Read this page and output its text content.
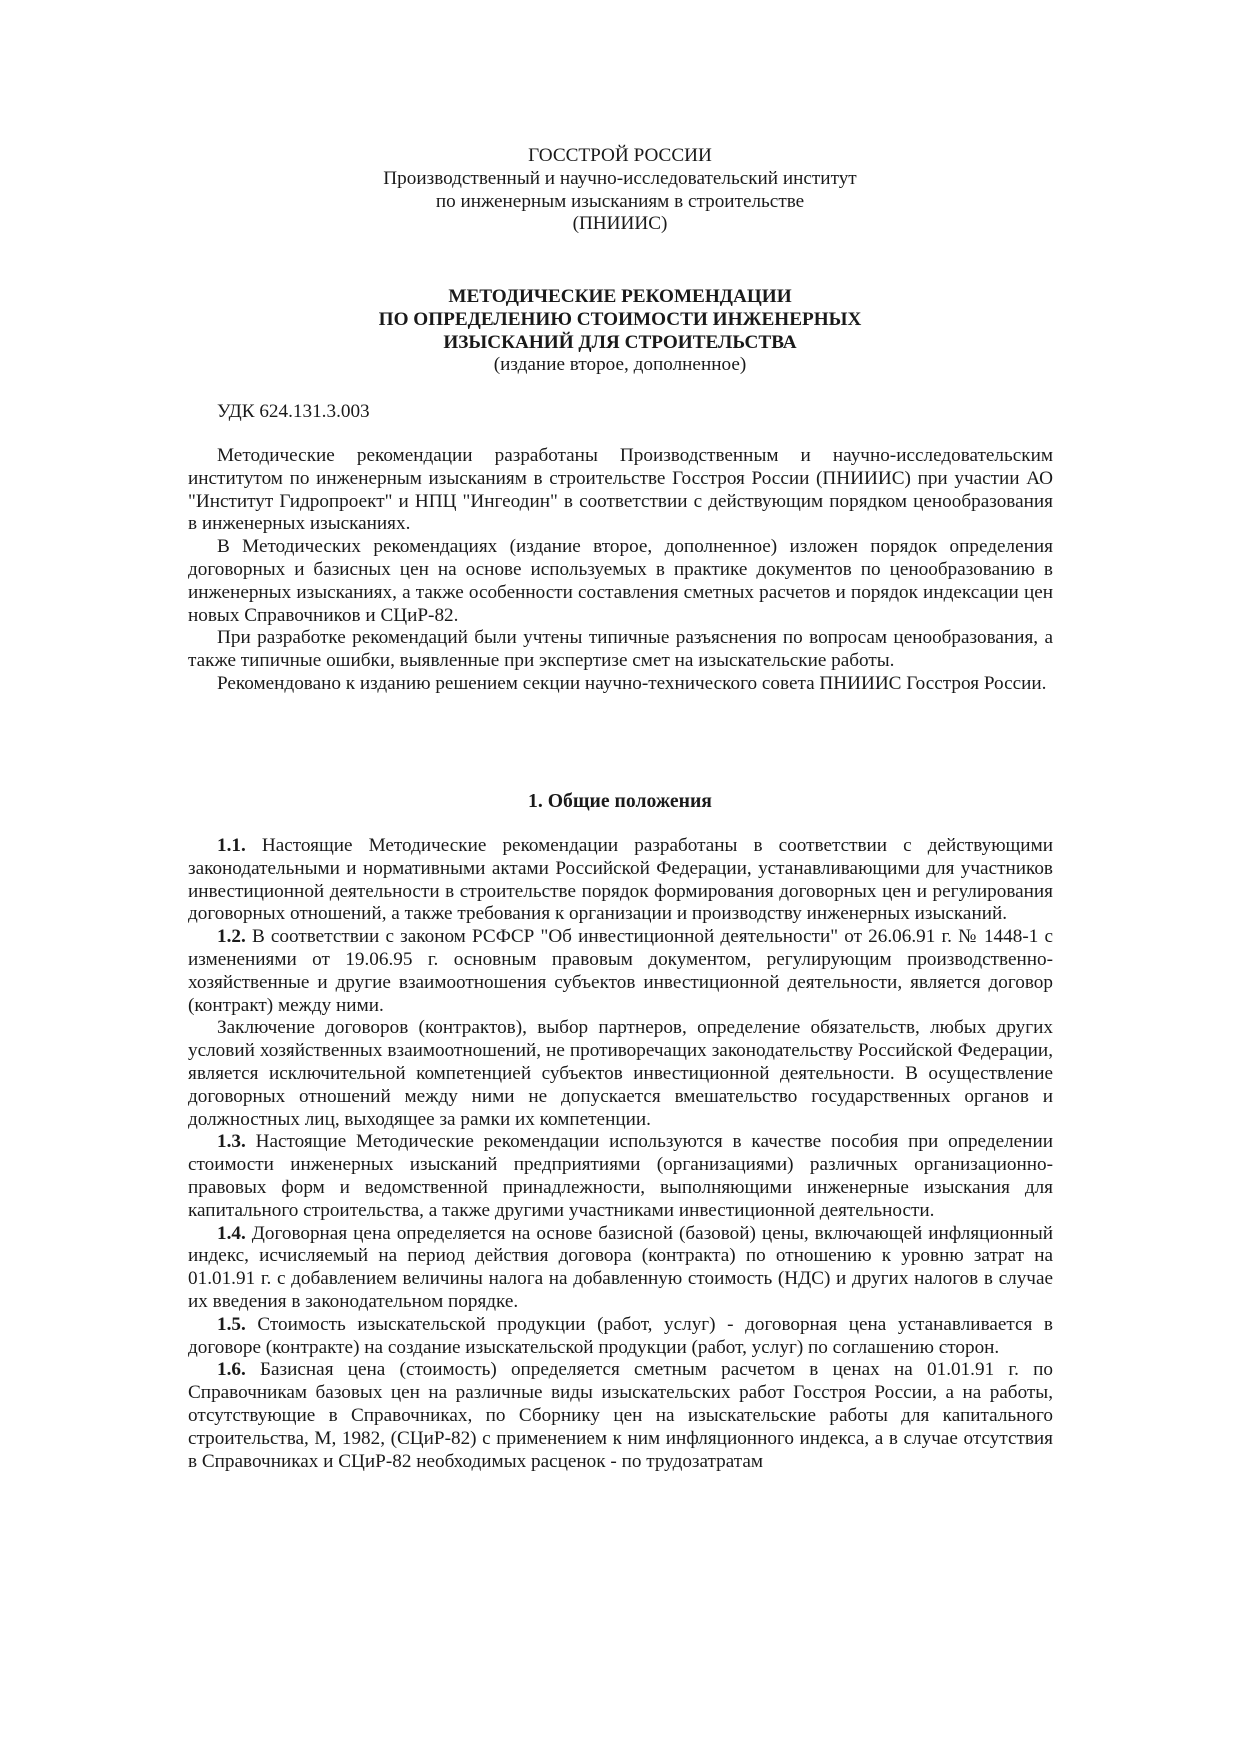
ГОССТРОЙ РОССИИ
Производственный и научно-исследовательский институт
по инженерным изысканиям в строительстве
(ПНИИИС)
МЕТОДИЧЕСКИЕ РЕКОМЕНДАЦИИ
ПО ОПРЕДЕЛЕНИЮ СТОИМОСТИ ИНЖЕНЕРНЫХ
ИЗЫСКАНИЙ ДЛЯ СТРОИТЕЛЬСТВА
(издание второе, дополненное)
УДК 624.131.3.003

Методические рекомендации разработаны Производственным и научно-исследовательским институтом по инженерным изысканиям в строительстве Госстроя России (ПНИИИС) при участии АО "Институт Гидропроект" и НПЦ "Ингеодин" в соответствии с действующим порядком ценообразования в инженерных изысканиях.

В Методических рекомендациях (издание второе, дополненное) изложен порядок определения договорных и базисных цен на основе используемых в практике документов по ценообразованию в инженерных изысканиях, а также особенности составления сметных расчетов и порядок индексации цен новых Справочников и СЦиР-82.

При разработке рекомендаций были учтены типичные разъяснения по вопросам ценообразования, а также типичные ошибки, выявленные при экспертизе смет на изыскательские работы.

Рекомендовано к изданию решением секции научно-технического совета ПНИИИС Госстроя России.

1. Общие положения

1.1. Настоящие Методические рекомендации разработаны в соответствии с действующими законодательными и нормативными актами Российской Федерации, устанавливающими для участников инвестиционной деятельности в строительстве порядок формирования договорных цен и регулирования договорных отношений, а также требования к организации и производству инженерных изысканий.

1.2. В соответствии с законом РСФСР "Об инвестиционной деятельности" от 26.06.91 г. № 1448-1 с изменениями от 19.06.95 г. основным правовым документом, регулирующим производственно-хозяйственные и другие взаимоотношения субъектов инвестиционной деятельности, является договор (контракт) между ними.

Заключение договоров (контрактов), выбор партнеров, определение обязательств, любых других условий хозяйственных взаимоотношений, не противоречащих законодательству Российской Федерации, является исключительной компетенцией субъектов инвестиционной деятельности. В осуществление договорных отношений между ними не допускается вмешательство государственных органов и должностных лиц, выходящее за рамки их компетенции.

1.3. Настоящие Методические рекомендации используются в качестве пособия при определении стоимости инженерных изысканий предприятиями (организациями) различных организационно-правовых форм и ведомственной принадлежности, выполняющими инженерные изыскания для капитального строительства, а также другими участниками инвестиционной деятельности.

1.4. Договорная цена определяется на основе базисной (базовой) цены, включающей инфляционный индекс, исчисляемый на период действия договора (контракта) по отношению к уровню затрат на 01.01.91 г. с добавлением величины налога на добавленную стоимость (НДС) и других налогов в случае их введения в законодательном порядке.

1.5. Стоимость изыскательской продукции (работ, услуг) - договорная цена устанавливается в договоре (контракте) на создание изыскательской продукции (работ, услуг) по соглашению сторон.

1.6. Базисная цена (стоимость) определяется сметным расчетом в ценах на 01.01.91 г. по Справочникам базовых цен на различные виды изыскательских работ Госстроя России, а на работы, отсутствующие в Справочниках, по Сборнику цен на изыскательские работы для капитального строительства, М, 1982, (СЦиР-82) с применением к ним инфляционного индекса, а в случае отсутствия в Справочниках и СЦиР-82 необходимых расценок - по трудозатратам
